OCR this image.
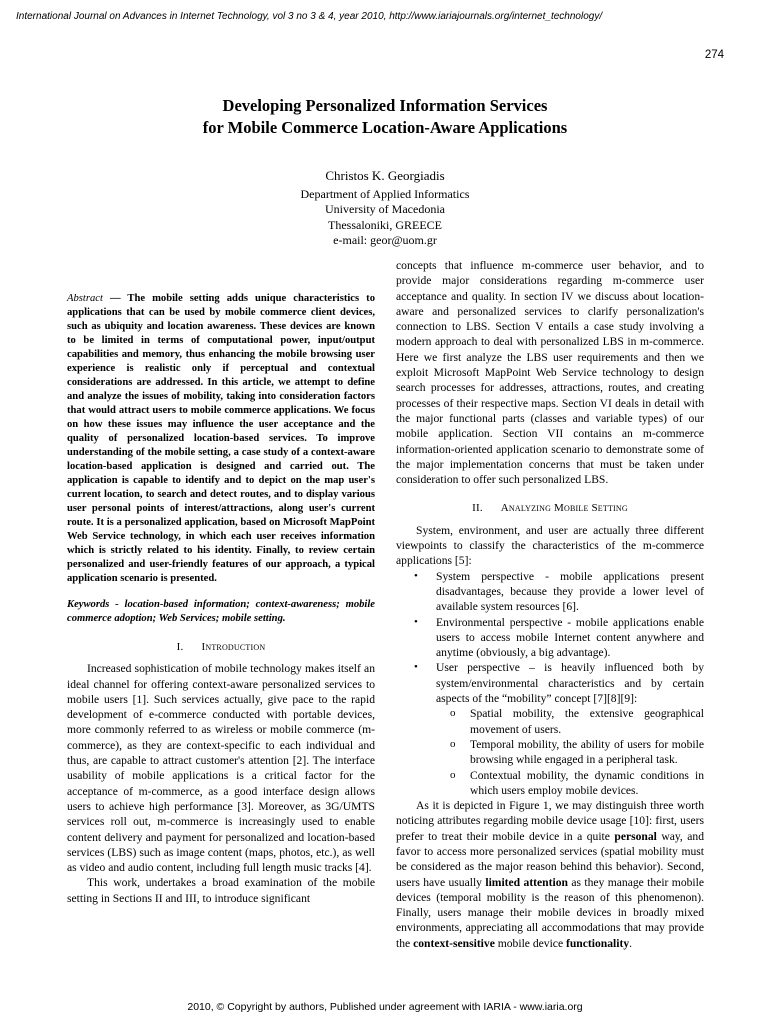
International Journal on Advances in Internet Technology, vol 3 no 3 & 4, year 2010, http://www.iariajournals.org/internet_technology/
274
Developing Personalized Information Services
for Mobile Commerce Location-Aware Applications
Christos K. Georgiadis
Department of Applied Informatics
University of Macedonia
Thessaloniki, GREECE
e-mail: geor@uom.gr

Abstract — The mobile setting adds unique characteristics to applications that can be used by mobile commerce client devices, such as ubiquity and location awareness. These devices are known to be limited in terms of computational power, input/output capabilities and memory, thus enhancing the mobile browsing user experience is realistic only if perceptual and contextual considerations are addressed. In this article, we attempt to define and analyze the issues of mobility, taking into consideration factors that would attract users to mobile commerce applications. We focus on how these issues may influence the user acceptance and the quality of personalized location-based services. To improve understanding of the mobile setting, a case study of a context-aware location-based application is designed and carried out. The application is capable to identify and to depict on the map user's current location, to search and detect routes, and to display various user personal points of interest/attractions, along user's current route. It is a personalized application, based on Microsoft MapPoint Web Service technology, in which each user receives information which is strictly related to his identity. Finally, to review certain personalized and user-friendly features of our approach, a typical application scenario is presented.

Keywords - location-based information; context-awareness; mobile commerce adoption; Web Services; mobile setting.

I. Introduction

Increased sophistication of mobile technology makes itself an ideal channel for offering context-aware personalized services to mobile users [1]. Such services actually, give pace to the rapid development of e-commerce conducted with portable devices, more commonly referred to as wireless or mobile commerce (m-commerce), as they are context-specific to each individual and thus, are capable to attract customer's attention [2]. The interface usability of mobile applications is a critical factor for the acceptance of m-commerce, as a good interface design allows users to achieve high performance [3]. Moreover, as 3G/UMTS services roll out, m-commerce is increasingly used to enable content delivery and payment for personalized and location-based services (LBS) such as image content (maps, photos, etc.), as well as video and audio content, including full length music tracks [4].

This work, undertakes a broad examination of the mobile setting in Sections II and III, to introduce significant

concepts that influence m-commerce user behavior, and to provide major considerations regarding m-commerce user acceptance and quality. In section IV we discuss about location-aware and personalized services to clarify personalization's connection to LBS. Section V entails a case study involving a modern approach to deal with personalized LBS in m-commerce. Here we first analyze the LBS user requirements and then we exploit Microsoft MapPoint Web Service technology to design search processes for addresses, attractions, routes, and creating processes of their respective maps. Section VI deals in detail with the major functional parts (classes and variable types) of our mobile application. Section VII contains an m-commerce information-oriented application scenario to demonstrate some of the major implementation concerns that must be taken under consideration to offer such personalized LBS.

II. Analyzing Mobile Setting

System, environment, and user are actually three different viewpoints to classify the characteristics of the m-commerce applications [5]:

• System perspective - mobile applications present disadvantages, because they provide a lower level of available system resources [6].
• Environmental perspective - mobile applications enable users to access mobile Internet content anywhere and anytime (obviously, a big advantage).
• User perspective – is heavily influenced both by system/environmental characteristics and by certain aspects of the “mobility” concept [7][8][9]:
o Spatial mobility, the extensive geographical movement of users.
o Temporal mobility, the ability of users for mobile browsing while engaged in a peripheral task.
o Contextual mobility, the dynamic conditions in which users employ mobile devices.

As it is depicted in Figure 1, we may distinguish three worth noticing attributes regarding mobile device usage [10]: first, users prefer to treat their mobile device in a quite personal way, and favor to access more personalized services (spatial mobility must be considered as the major reason behind this behavior). Second, users have usually limited attention as they manage their mobile devices (temporal mobility is the reason of this phenomenon). Finally, users manage their mobile devices in broadly mixed environments, appreciating all accommodations that may provide the context-sensitive mobile device functionality.

2010, © Copyright by authors, Published under agreement with IARIA - www.iaria.org
